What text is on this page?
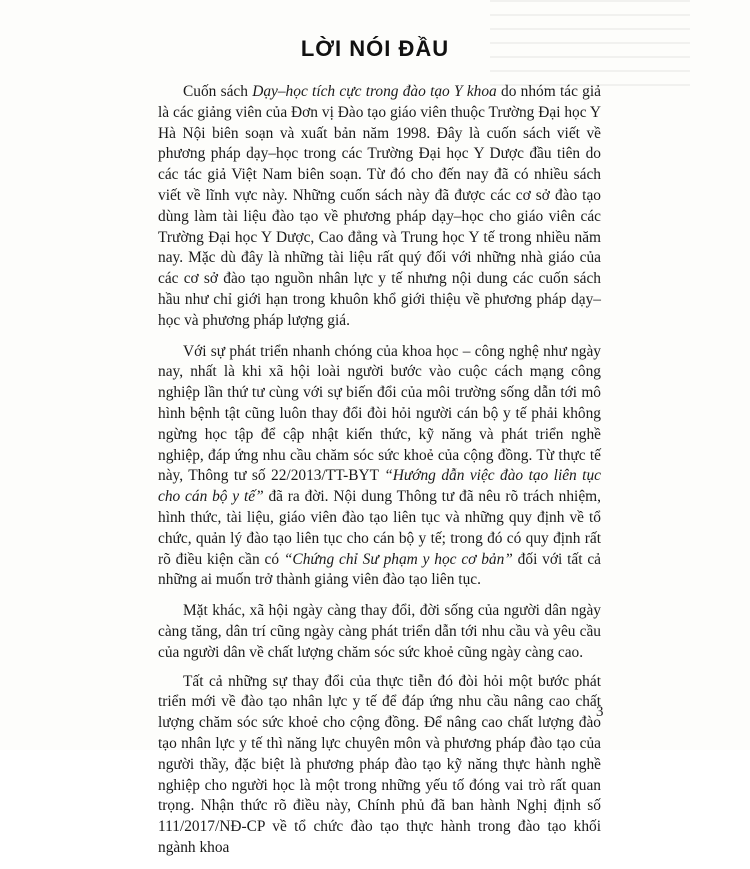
LỜI NÓI ĐẦU

Cuốn sách Dạy–học tích cực trong đào tạo Y khoa do nhóm tác giả là các giảng viên của Đơn vị Đào tạo giáo viên thuộc Trường Đại học Y Hà Nội biên soạn và xuất bản năm 1998. Đây là cuốn sách viết về phương pháp dạy–học trong các Trường Đại học Y Dược đầu tiên do các tác giả Việt Nam biên soạn. Từ đó cho đến nay đã có nhiều sách viết về lĩnh vực này. Những cuốn sách này đã được các cơ sở đào tạo dùng làm tài liệu đào tạo về phương pháp dạy–học cho giáo viên các Trường Đại học Y Dược, Cao đẳng và Trung học Y tế trong nhiều năm nay. Mặc dù đây là những tài liệu rất quý đối với những nhà giáo của các cơ sở đào tạo nguồn nhân lực y tế nhưng nội dung các cuốn sách hầu như chỉ giới hạn trong khuôn khổ giới thiệu về phương pháp dạy–học và phương pháp lượng giá.

Với sự phát triển nhanh chóng của khoa học – công nghệ như ngày nay, nhất là khi xã hội loài người bước vào cuộc cách mạng công nghiệp lần thứ tư cùng với sự biến đổi của môi trường sống dẫn tới mô hình bệnh tật cũng luôn thay đổi đòi hỏi người cán bộ y tế phải không ngừng học tập để cập nhật kiến thức, kỹ năng và phát triển nghề nghiệp, đáp ứng nhu cầu chăm sóc sức khoẻ của cộng đồng. Từ thực tế này, Thông tư số 22/2013/TT-BYT “Hướng dẫn việc đào tạo liên tục cho cán bộ y tế” đã ra đời. Nội dung Thông tư đã nêu rõ trách nhiệm, hình thức, tài liệu, giáo viên đào tạo liên tục và những quy định về tổ chức, quản lý đào tạo liên tục cho cán bộ y tế; trong đó có quy định rất rõ điều kiện cần có “Chứng chỉ Sư phạm y học cơ bản” đối với tất cả những ai muốn trở thành giảng viên đào tạo liên tục.

Mặt khác, xã hội ngày càng thay đổi, đời sống của người dân ngày càng tăng, dân trí cũng ngày càng phát triển dẫn tới nhu cầu và yêu cầu của người dân về chất lượng chăm sóc sức khoẻ cũng ngày càng cao.

Tất cả những sự thay đổi của thực tiễn đó đòi hỏi một bước phát triển mới về đào tạo nhân lực y tế để đáp ứng nhu cầu nâng cao chất lượng chăm sóc sức khoẻ cho cộng đồng. Để nâng cao chất lượng đào tạo nhân lực y tế thì năng lực chuyên môn và phương pháp đào tạo của người thầy, đặc biệt là phương pháp đào tạo kỹ năng thực hành nghề nghiệp cho người học là một trong những yếu tố đóng vai trò rất quan trọng. Nhận thức rõ điều này, Chính phủ đã ban hành Nghị định số 111/2017/NĐ-CP về tổ chức đào tạo thực hành trong đào tạo khối ngành khoa

3
